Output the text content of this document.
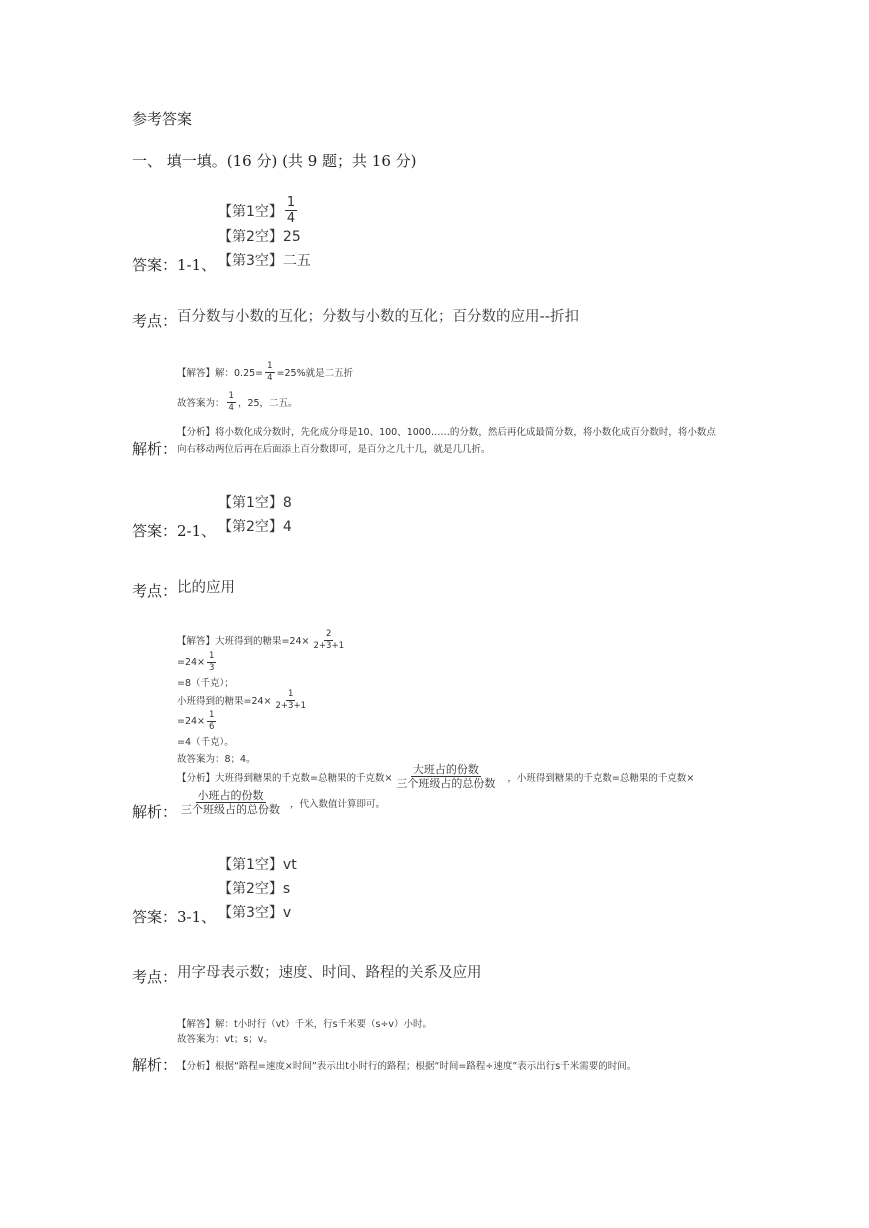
参考答案
一、 填一填。(16 分) (共 9 题；共 16 分)
【第1空】 $\frac{1}{4}$
【第2空】25
答案：1-1、 【第3空】二五
考点： 百分数与小数的互化；分数与小数的互化；百分数的应用--折扣
【解答】解：$0.25= \frac{1}{4} =25\%$就是二五折
故答案为： $\frac{1}{4}$ ，25，二五。
【分析】将小数化成分数时，先化成分母是10、100、1000……的分数，然后再化成最简分数，将小数化成百分数时，将小数点
解析： 向右移动两位后再在后面添上百分数即可，是百分之几十几，就是几几折。
【第1空】8
答案：2-1、 【第2空】4
考点： 比的应用
【解答】大班得到的糖果$=24\times \frac{2}{2+3+1}$
$=24\times \frac{1}{3}$
=8（千克）；
小班得到的糖果$=24\times \frac{1}{2+3+1}$
$=24\times \frac{1}{6}$
=4（千克）。
故答案为：8；4。
【分析】大班得到糖果的千克数=总糖果的千克数× $\frac{\text{大班占的份数}}{\text{三个班级占的总份数}}$ ，小班得到糖果的千克数=总糖果的千克数×
解析： $\frac{\text{小班占的份数}}{\text{三个班级占的总份数}}$ ，代入数值计算即可。
【第1空】vt
【第2空】s
答案：3-1、 【第3空】v
考点： 用字母表示数；速度、时间、路程的关系及应用
【解答】解：t小时行（vt）千米，行s千米要（s÷v）小时。
故答案为：vt；s；v。
解析： 【分析】根据“路程=速度×时间”表示出t小时行的路程；根据“时间=路程÷速度”表示出行s千米需要的时间。
